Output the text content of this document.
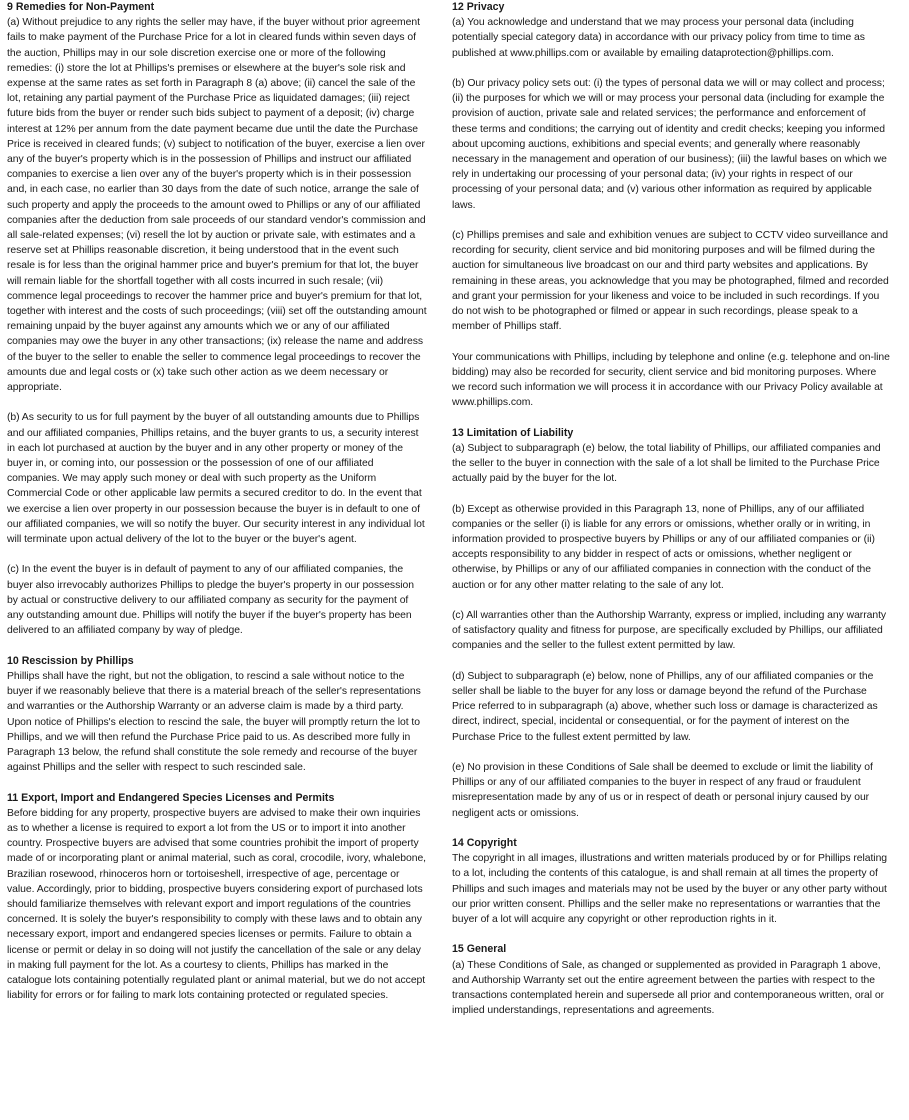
9 Remedies for Non-Payment

(a) Without prejudice to any rights the seller may have, if the buyer without prior agreement fails to make payment of the Purchase Price for a lot in cleared funds within seven days of the auction, Phillips may in our sole discretion exercise one or more of the following remedies: (i) store the lot at Phillips's premises or elsewhere at the buyer's sole risk and expense at the same rates as set forth in Paragraph 8 (a) above; (ii) cancel the sale of the lot, retaining any partial payment of the Purchase Price as liquidated damages; (iii) reject future bids from the buyer or render such bids subject to payment of a deposit; (iv) charge interest at 12% per annum from the date payment became due until the date the Purchase Price is received in cleared funds; (v) subject to notification of the buyer, exercise a lien over any of the buyer's property which is in the possession of Phillips and instruct our affiliated companies to exercise a lien over any of the buyer's property which is in their possession and, in each case, no earlier than 30 days from the date of such notice, arrange the sale of such property and apply the proceeds to the amount owed to Phillips or any of our affiliated companies after the deduction from sale proceeds of our standard vendor's commission and all sale-related expenses; (vi) resell the lot by auction or private sale, with estimates and a reserve set at Phillips reasonable discretion, it being understood that in the event such resale is for less than the original hammer price and buyer's premium for that lot, the buyer will remain liable for the shortfall together with all costs incurred in such resale; (vii) commence legal proceedings to recover the hammer price and buyer's premium for that lot, together with interest and the costs of such proceedings; (viii) set off the outstanding amount remaining unpaid by the buyer against any amounts which we or any of our affiliated companies may owe the buyer in any other transactions; (ix) release the name and address of the buyer to the seller to enable the seller to commence legal proceedings to recover the amounts due and legal costs or (x) take such other action as we deem necessary or appropriate.

(b) As security to us for full payment by the buyer of all outstanding amounts due to Phillips and our affiliated companies, Phillips retains, and the buyer grants to us, a security interest in each lot purchased at auction by the buyer and in any other property or money of the buyer in, or coming into, our possession or the possession of one of our affiliated companies. We may apply such money or deal with such property as the Uniform Commercial Code or other applicable law permits a secured creditor to do. In the event that we exercise a lien over property in our possession because the buyer is in default to one of our affiliated companies, we will so notify the buyer. Our security interest in any individual lot will terminate upon actual delivery of the lot to the buyer or the buyer's agent.

(c) In the event the buyer is in default of payment to any of our affiliated companies, the buyer also irrevocably authorizes Phillips to pledge the buyer's property in our possession by actual or constructive delivery to our affiliated company as security for the payment of any outstanding amount due. Phillips will notify the buyer if the buyer's property has been delivered to an affiliated company by way of pledge.

10 Rescission by Phillips

Phillips shall have the right, but not the obligation, to rescind a sale without notice to the buyer if we reasonably believe that there is a material breach of the seller's representations and warranties or the Authorship Warranty or an adverse claim is made by a third party. Upon notice of Phillips's election to rescind the sale, the buyer will promptly return the lot to Phillips, and we will then refund the Purchase Price paid to us. As described more fully in Paragraph 13 below, the refund shall constitute the sole remedy and recourse of the buyer against Phillips and the seller with respect to such rescinded sale.

11 Export, Import and Endangered Species Licenses and Permits

Before bidding for any property, prospective buyers are advised to make their own inquiries as to whether a license is required to export a lot from the US or to import it into another country. Prospective buyers are advised that some countries prohibit the import of property made of or incorporating plant or animal material, such as coral, crocodile, ivory, whalebone, Brazilian rosewood, rhinoceros horn or tortoiseshell, irrespective of age, percentage or value. Accordingly, prior to bidding, prospective buyers considering export of purchased lots should familiarize themselves with relevant export and import regulations of the countries concerned. It is solely the buyer's responsibility to comply with these laws and to obtain any necessary export, import and endangered species licenses or permits. Failure to obtain a license or permit or delay in so doing will not justify the cancellation of the sale or any delay in making full payment for the lot. As a courtesy to clients, Phillips has marked in the catalogue lots containing potentially regulated plant or animal material, but we do not accept liability for errors or for failing to mark lots containing protected or regulated species.

12 Privacy

(a) You acknowledge and understand that we may process your personal data (including potentially special category data) in accordance with our privacy policy from time to time as published at www.phillips.com or available by emailing dataprotection@phillips.com.

(b) Our privacy policy sets out: (i) the types of personal data we will or may collect and process; (ii) the purposes for which we will or may process your personal data (including for example the provision of auction, private sale and related services; the performance and enforcement of these terms and conditions; the carrying out of identity and credit checks; keeping you informed about upcoming auctions, exhibitions and special events; and generally where reasonably necessary in the management and operation of our business); (iii) the lawful bases on which we rely in undertaking our processing of your personal data; (iv) your rights in respect of our processing of your personal data; and (v) various other information as required by applicable laws.

(c) Phillips premises and sale and exhibition venues are subject to CCTV video surveillance and recording for security, client service and bid monitoring purposes and will be filmed during the auction for simultaneous live broadcast on our and third party websites and applications. By remaining in these areas, you acknowledge that you may be photographed, filmed and recorded and grant your permission for your likeness and voice to be included in such recordings. If you do not wish to be photographed or filmed or appear in such recordings, please speak to a member of Phillips staff.

Your communications with Phillips, including by telephone and online (e.g. telephone and on-line bidding) may also be recorded for security, client service and bid monitoring purposes. Where we record such information we will process it in accordance with our Privacy Policy available at www.phillips.com.

13 Limitation of Liability

(a) Subject to subparagraph (e) below, the total liability of Phillips, our affiliated companies and the seller to the buyer in connection with the sale of a lot shall be limited to the Purchase Price actually paid by the buyer for the lot.

(b) Except as otherwise provided in this Paragraph 13, none of Phillips, any of our affiliated companies or the seller (i) is liable for any errors or omissions, whether orally or in writing, in information provided to prospective buyers by Phillips or any of our affiliated companies or (ii) accepts responsibility to any bidder in respect of acts or omissions, whether negligent or otherwise, by Phillips or any of our affiliated companies in connection with the conduct of the auction or for any other matter relating to the sale of any lot.

(c) All warranties other than the Authorship Warranty, express or implied, including any warranty of satisfactory quality and fitness for purpose, are specifically excluded by Phillips, our affiliated companies and the seller to the fullest extent permitted by law.

(d) Subject to subparagraph (e) below, none of Phillips, any of our affiliated companies or the seller shall be liable to the buyer for any loss or damage beyond the refund of the Purchase Price referred to in subparagraph (a) above, whether such loss or damage is characterized as direct, indirect, special, incidental or consequential, or for the payment of interest on the Purchase Price to the fullest extent permitted by law.

(e) No provision in these Conditions of Sale shall be deemed to exclude or limit the liability of Phillips or any of our affiliated companies to the buyer in respect of any fraud or fraudulent misrepresentation made by any of us or in respect of death or personal injury caused by our negligent acts or omissions.

14 Copyright

The copyright in all images, illustrations and written materials produced by or for Phillips relating to a lot, including the contents of this catalogue, is and shall remain at all times the property of Phillips and such images and materials may not be used by the buyer or any other party without our prior written consent. Phillips and the seller make no representations or warranties that the buyer of a lot will acquire any copyright or other reproduction rights in it.

15 General

(a) These Conditions of Sale, as changed or supplemented as provided in Paragraph 1 above, and Authorship Warranty set out the entire agreement between the parties with respect to the transactions contemplated herein and supersede all prior and contemporaneous written, oral or implied understandings, representations and agreements.
